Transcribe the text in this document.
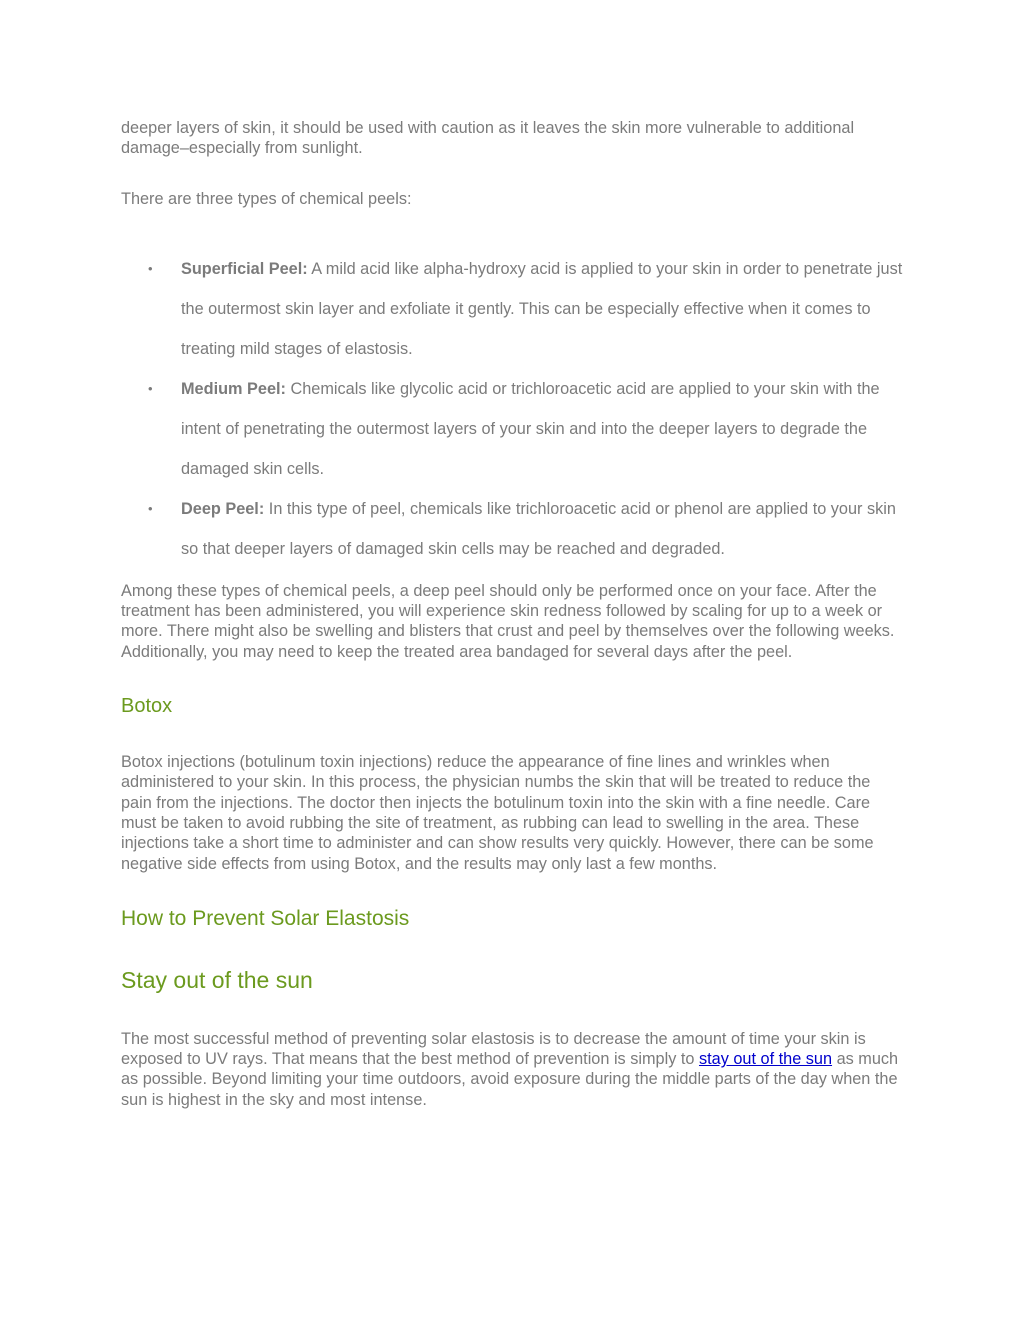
deeper layers of skin, it should be used with caution as it leaves the skin more vulnerable to additional damage–especially from sunlight.

There are three types of chemical peels:

• Superficial Peel: A mild acid like alpha-hydroxy acid is applied to your skin in order to penetrate just the outermost skin layer and exfoliate it gently. This can be especially effective when it comes to treating mild stages of elastosis.
• Medium Peel: Chemicals like glycolic acid or trichloroacetic acid are applied to your skin with the intent of penetrating the outermost layers of your skin and into the deeper layers to degrade the damaged skin cells.
• Deep Peel: In this type of peel, chemicals like trichloroacetic acid or phenol are applied to your skin so that deeper layers of damaged skin cells may be reached and degraded.

Among these types of chemical peels, a deep peel should only be performed once on your face. After the treatment has been administered, you will experience skin redness followed by scaling for up to a week or more. There might also be swelling and blisters that crust and peel by themselves over the following weeks. Additionally, you may need to keep the treated area bandaged for several days after the peel.

Botox

Botox injections (botulinum toxin injections) reduce the appearance of fine lines and wrinkles when administered to your skin. In this process, the physician numbs the skin that will be treated to reduce the pain from the injections. The doctor then injects the botulinum toxin into the skin with a fine needle. Care must be taken to avoid rubbing the site of treatment, as rubbing can lead to swelling in the area. These injections take a short time to administer and can show results very quickly. However, there can be some negative side effects from using Botox, and the results may only last a few months.

How to Prevent Solar Elastosis
Stay out of the sun

The most successful method of preventing solar elastosis is to decrease the amount of time your skin is exposed to UV rays. That means that the best method of prevention is simply to stay out of the sun as much as possible. Beyond limiting your time outdoors, avoid exposure during the middle parts of the day when the sun is highest in the sky and most intense.
